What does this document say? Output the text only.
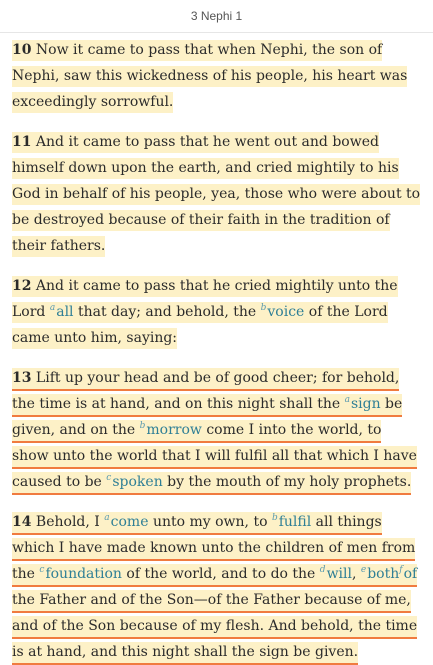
3 Nephi 1

10 Now it came to pass that when Nephi, the son of Nephi, saw this wickedness of his people, his heart was exceedingly sorrowful.

11 And it came to pass that he went out and bowed himself down upon the earth, and cried mightily to his God in behalf of his people, yea, those who were about to be destroyed because of their faith in the tradition of their fathers.

12 And it came to pass that he cried mightily unto the Lord $^a$all that day; and behold, the $^b$voice of the Lord came unto him, saying:

13 Lift up your head and be of good cheer; for behold, the time is at hand, and on this night shall the $^a$sign be given, and on the $^b$morrow come I into the world, to show unto the world that I will fulfil all that which I have caused to be $^c$spoken by the mouth of my holy prophets.

14 Behold, I $^a$come unto my own, to $^b$fulfil all things which I have made known unto the children of men from the $^c$foundation of the world, and to do the $^d$will, $^e$both$^f$of the Father and of the Son—of the Father because of me, and of the Son because of my flesh. And behold, the time is at hand, and this night shall the sign be given.
